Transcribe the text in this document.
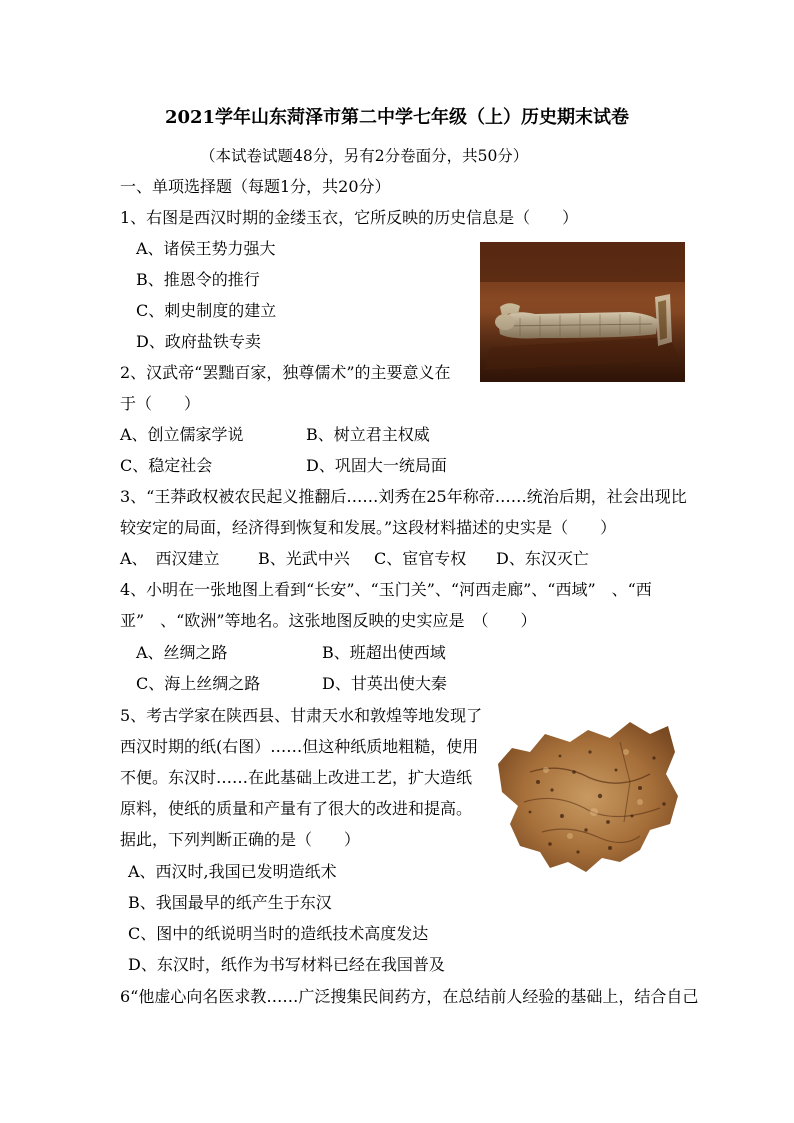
2021学年山东菏泽市第二中学七年级（上）历史期末试卷
（本试卷试题48分，另有2分卷面分，共50分）
一、单项选择题（每题1分，共20分）
1、右图是西汉时期的金缕玉衣，它所反映的历史信息是（　　）
A、诸侯王势力强大
B、推恩令的推行
C、刺史制度的建立
D、政府盐铁专卖
2、汉武帝“罢黜百家，独尊儒术”的主要意义在
于（　　）
A、创立儒家学说	B、树立君主权威
C、稳定社会	D、巩固大一统局面
3、“王莽政权被农民起义推翻后……刘秀在25年称帝……统治后期，社会出现比
较安定的局面，经济得到恢复和发展。”这段材料描述的史实是（　　）
A、　西汉建立 B、光武中兴 C、宦官专权 D、东汉灭亡
4、小明在一张地图上看到“长安”、“玉门关”、“河西走廊”、“西域”　、“西
亚”　、“欧洲”等地名。这张地图反映的史实应是　（　　）
A、丝绸之路	B、班超出使西域
C、海上丝绸之路	D、甘英出使大秦
5、考古学家在陕西县、甘肃天水和敦煌等地发现了
西汉时期的纸(右图）……但这种纸质地粗糙，使用
不便。东汉时……在此基础上改进工艺，扩大造纸
原料，使纸的质量和产量有了很大的改进和提高。
据此，下列判断正确的是（　　）
A、西汉时,我国已发明造纸术
B、我国最早的纸产生于东汉
C、图中的纸说明当时的造纸技术高度发达
D、东汉时，纸作为书写材料已经在我国普及
6“他虚心向名医求教……广泛搜集民间药方，在总结前人经验的基础上，结合自己
